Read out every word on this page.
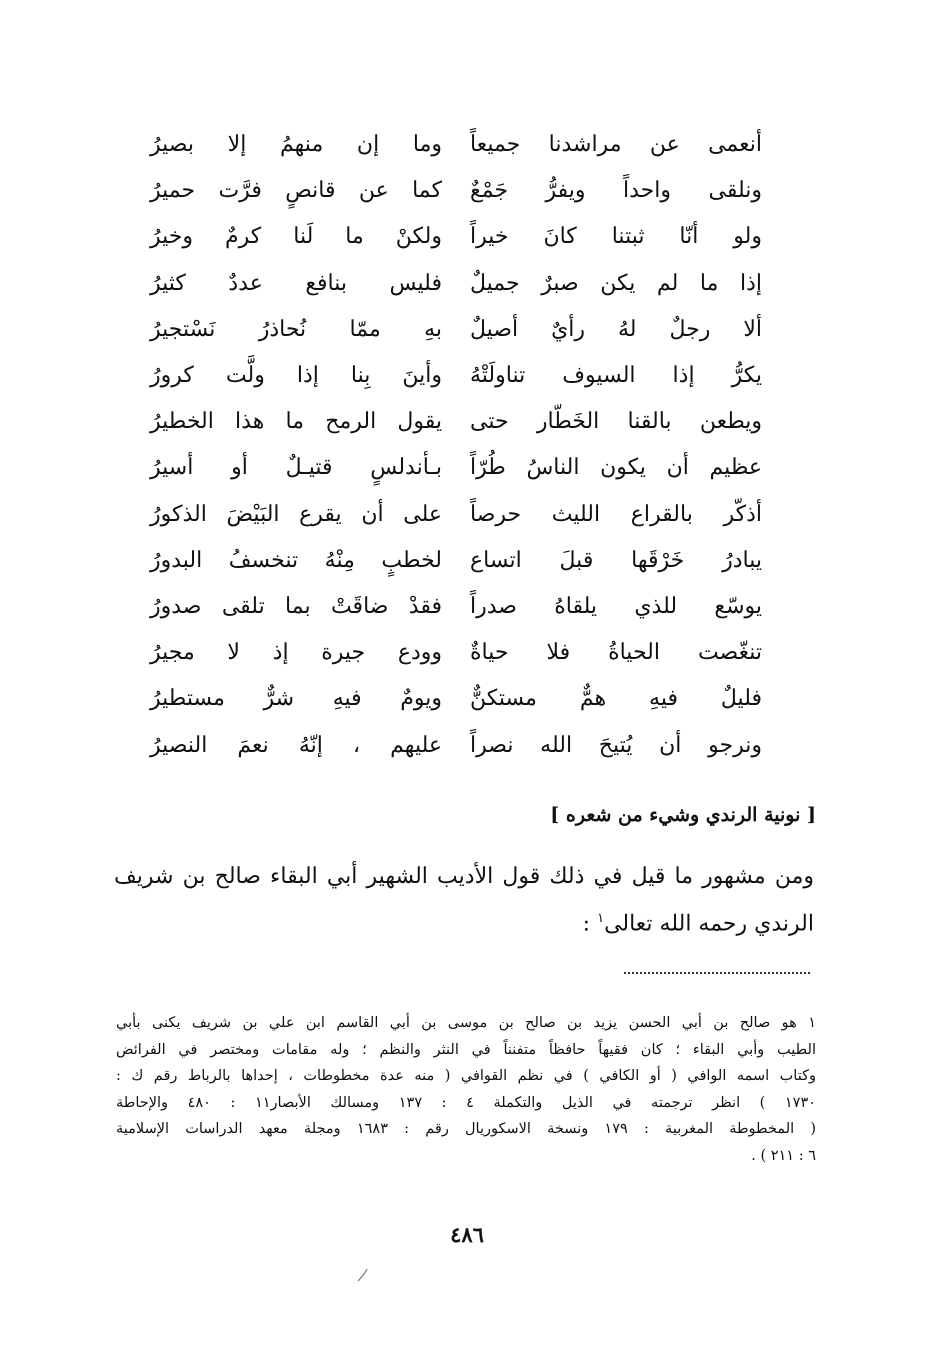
أنعمى عن مراشدنا جميعاً
وما إن منهمُ إلا بصيرُ
ونلقى واحداً ويفرُّ جَمْعٌ
كما عن قانصٍ فرَّت حميرُ
ولو أنّا ثبتنا كانَ خيراً
ولكنْ ما لَنا كرمٌ وخيرُ
إذا ما لم يكن صبرٌ جميلٌ
فليس بنافع عددٌ كثيرُ
ألا رجلٌ لهُ رأيٌ أصيلٌ
بهِ ممّا نُحاذرُ نَسْتجيرُ
يكرُّ إذا السيوف تناولَتْهُ
وأينَ بِنا إذا ولَّت كرورُ
ويطعن بالقنا الخَطّار حتى
يقول الرمح ما هذا الخطيرُ
عظيم أن يكون الناسُ طُرّاً
بـأندلسٍ قتيـلٌ أو أسيرُ
أذكّر بالقراع الليث حرصاً
على أن يقرع البَيْضَ الذكورُ
يبادرُ خَرْقَها قبلَ اتساع
لخطبٍ مِنْهُ تنخسفُ البدورُ
يوسّع للذي يلقاهُ صدراً
فقدْ ضاقَتْ بما تلقى صدورُ
تنغّصت الحياةُ فلا حياةٌ
وودع جيرة إذ لا مجيرُ
فليلٌ فيهِ همٌّ مستكنٌّ
ويومٌ فيهِ شرٌّ مستطيرُ
ونرجو أن يُتيحَ الله نصراً
عليهم ، إنّهُ نعمَ النصيرُ
[ نونية الرندي وشيء من شعره ]
ومن مشهور ما قيل في ذلك قول الأديب الشهير أبي البقاء صالح بن شريف
الرندي رحمه الله تعالى$^١$ :
١ هو صالح بن أبي الحسن يزيد بن صالح بن موسى بن أبي القاسم ابن علي بن شريف يكنى بأبي
الطيب وأبي البقاء ؛ كان فقيهاً حافظاً متفنناً في النثر والنظم ؛ وله مقامات ومختصر في الفرائض
وكتاب اسمه الوافي ( أو الكافي ) في نظم القوافي ( منه عدة مخطوطات ، إحداها بالرباط رقم ك :
١٧٣٠ ) انظر ترجمته في الذيل والتكملة ٤ : ١٣٧ ومسالك الأبصار١١ : ٤٨٠ والإحاطة
( المخطوطة المغربية : ١٧٩ ونسخة الاسكوريال رقم : ١٦٨٣ ومجلة معهد الدراسات الإسلامية
٦ : ٢١١ ) .
٤٨٦
